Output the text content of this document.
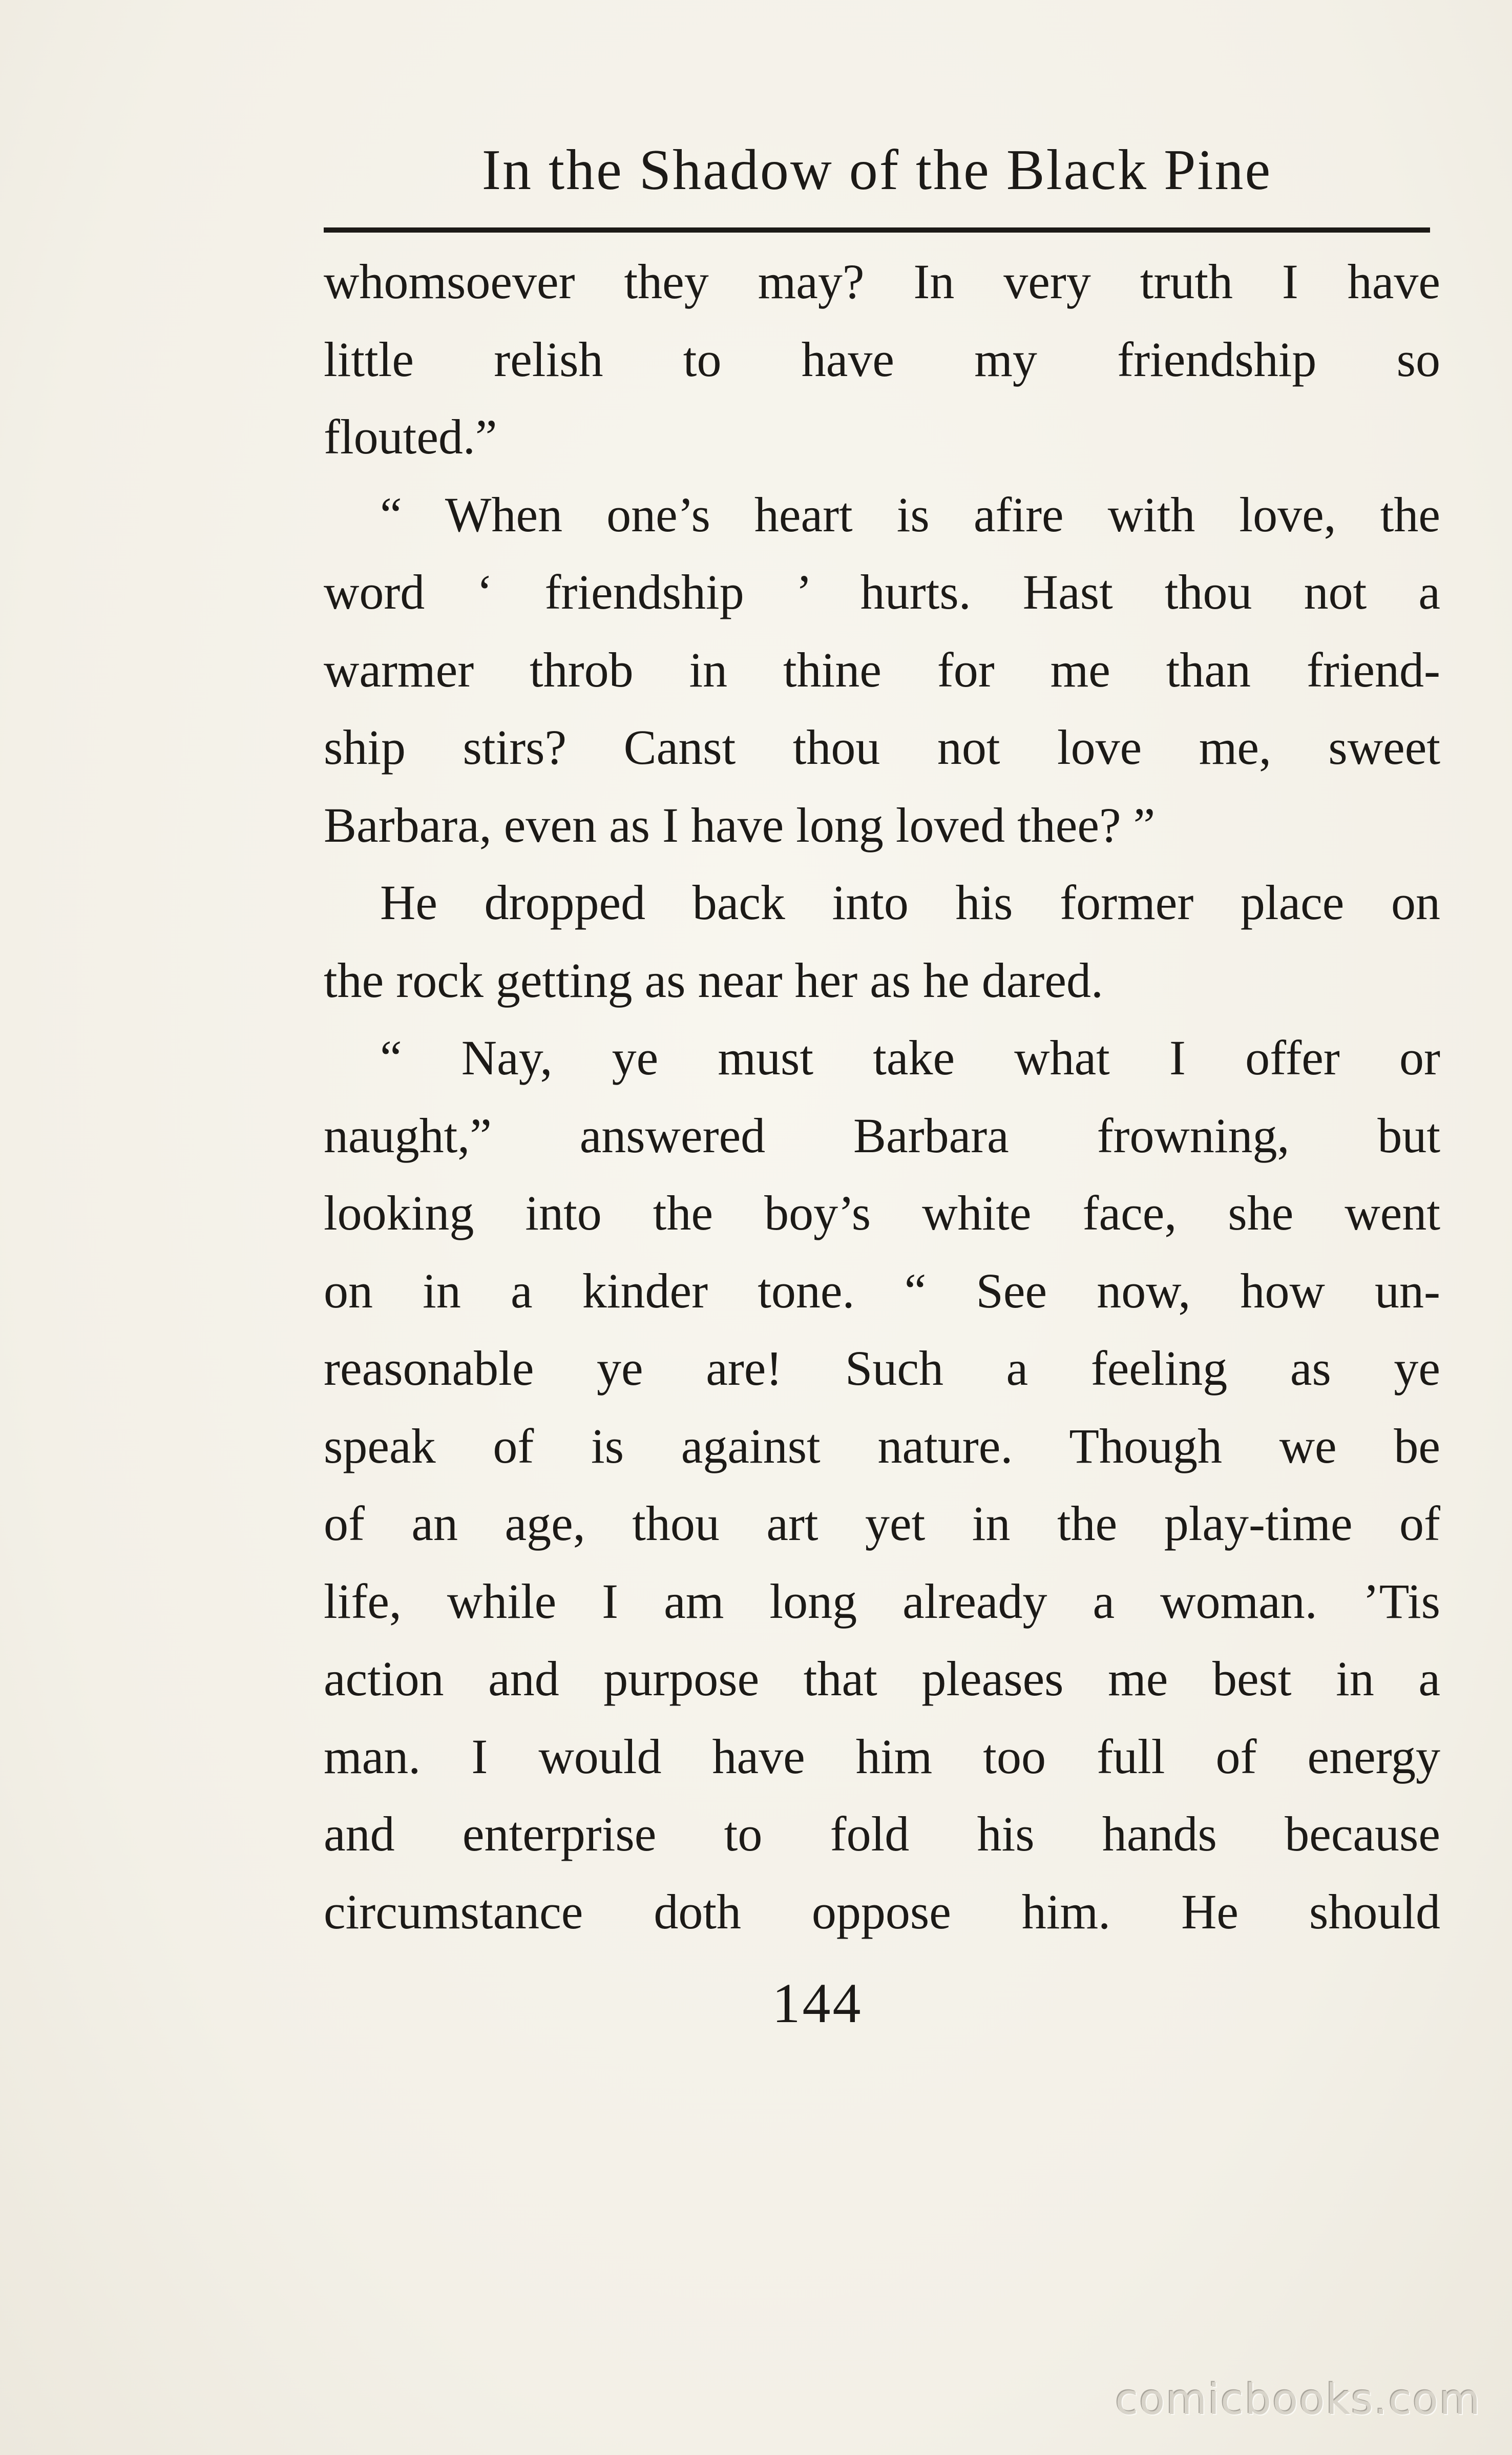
In the Shadow of the Black Pine
whomsoever they may? In very truth I have
little relish to have my friendship so
flouted.”
“ When one’s heart is afire with love, the
word ‘ friendship ’ hurts. Hast thou not a
warmer throb in thine for me than friend-
ship stirs? Canst thou not love me, sweet
Barbara, even as I have long loved thee? ”
He dropped back into his former place on
the rock getting as near her as he dared.
“ Nay, ye must take what I offer or
naught,” answered Barbara frowning, but
looking into the boy’s white face, she went
on in a kinder tone. “ See now, how un-
reasonable ye are! Such a feeling as ye
speak of is against nature. Though we be
of an age, thou art yet in the play-time of
life, while I am long already a woman. ’Tis
action and purpose that pleases me best in a
man. I would have him too full of energy
and enterprise to fold his hands because
circumstance doth oppose him. He should
144
comicbooks.com
